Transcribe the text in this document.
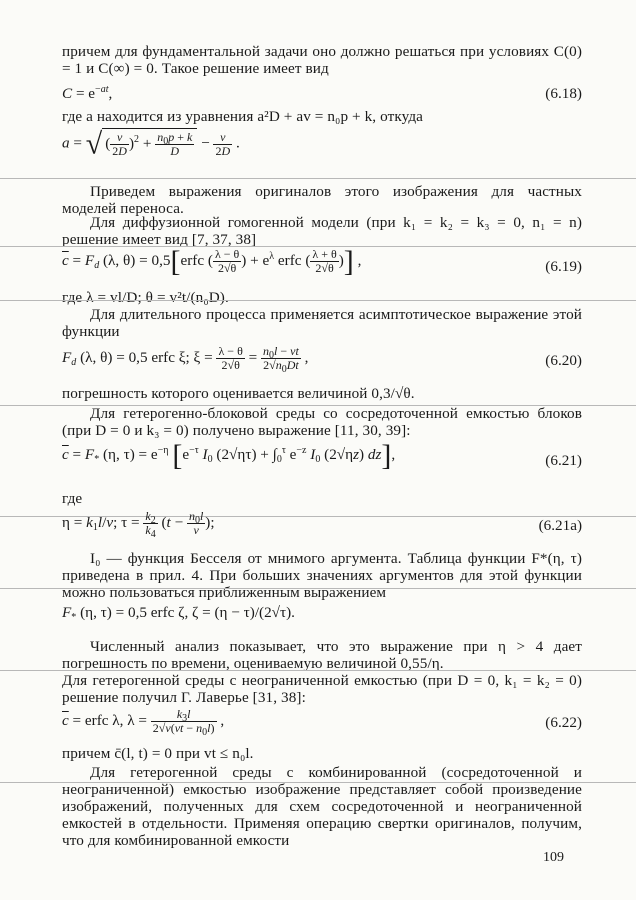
причем для фундаментальной задачи оно должно решаться при условиях C(0) = 1 и C(∞) = 0. Такое решение имеет вид

$C = e^{-at}$,	(6.18)

где a находится из уравнения a²D + av = n₀p + k, откуда

a = √( $\frac{v}{2D} )^2 + \frac{n_0p + k}{D} - \frac{v}{2D}$ .

Приведем выражения оригиналов этого изображения для частных моделей переноса.

Для диффузионной гомогенной модели (при k₁ = k₂ = k₃ = 0, n₁ = n) решение имеет вид [7, 37, 38]

$\overline{c} = F_d$ (λ, θ) = 0,5[erfc ( $\frac{\lambda - \theta}{2√\theta}$ ) + $e^\lambda$ erfc ( $\frac{\lambda + \theta}{2√\theta}$ )] ,	(6.19)

где λ = vl/D; θ = v²t/(n₀D).

Для длительного процесса применяется асимптотическое выражение этой функции

$F_d$ (λ, θ) = 0,5 erfc ξ; $\xi = \frac{\lambda - \theta}{2√\theta} = \frac{n_0l - vt}{2√n_0Dt}$ ,	(6.20)

погрешность которого оценивается величиной 0,3/√θ.

Для гетерогенно-блоковой среды со сосредоточенной емкостью блоков (при D = 0 и k₃ = 0) получено выражение [11, 30, 39]:

$\overline{c} = F_*$ (η, $\tau) = e^{-\eta}$ [$e^{-\tau}$ $I_0$ $(2√\eta\tau) + \int_0^\tau$ $e^{-z}$ $I_0$ (2√ηz) dz],	(6.21)

где

$\eta = k_1l/v$; $\tau = \frac{k_2}{k_4} (t - \frac{n_0l}{v}$ );	(6.21a)

I₀ — функция Бесселя от мнимого аргумента. Таблица функции F*(η, τ) приведена в прил. 4. При больших значениях аргументов для этой функции можно пользоваться приближенным выражением

$F_*$ (η, τ) = 0,5 erfc ζ, ζ = (η − τ)/(2√τ).

Численный анализ показывает, что это выражение при η > 4 дает погрешность по времени, оцениваемую величиной 0,55/η.

Для гетерогенной среды с неограниченной емкостью (при D = 0, k₁ = k₂ = 0) решение получил Г. Лаверье [31, 38]:

$\overline{c}$ = erfc λ, $\lambda = \frac{k_3l}{2√v(vt - n_0l)}$ ,	(6.22)

причем c̄(l, t) = 0 при vt ≤ n₀l.

Для гетерогенной среды с комбинированной (сосредоточенной и неограниченной) емкостью изображение представляет собой произведение изображений, полученных для схем сосредоточенной и неограниченной емкостей в отдельности. Применяя операцию свертки оригиналов, получим, что для комбинированной емкости

109
